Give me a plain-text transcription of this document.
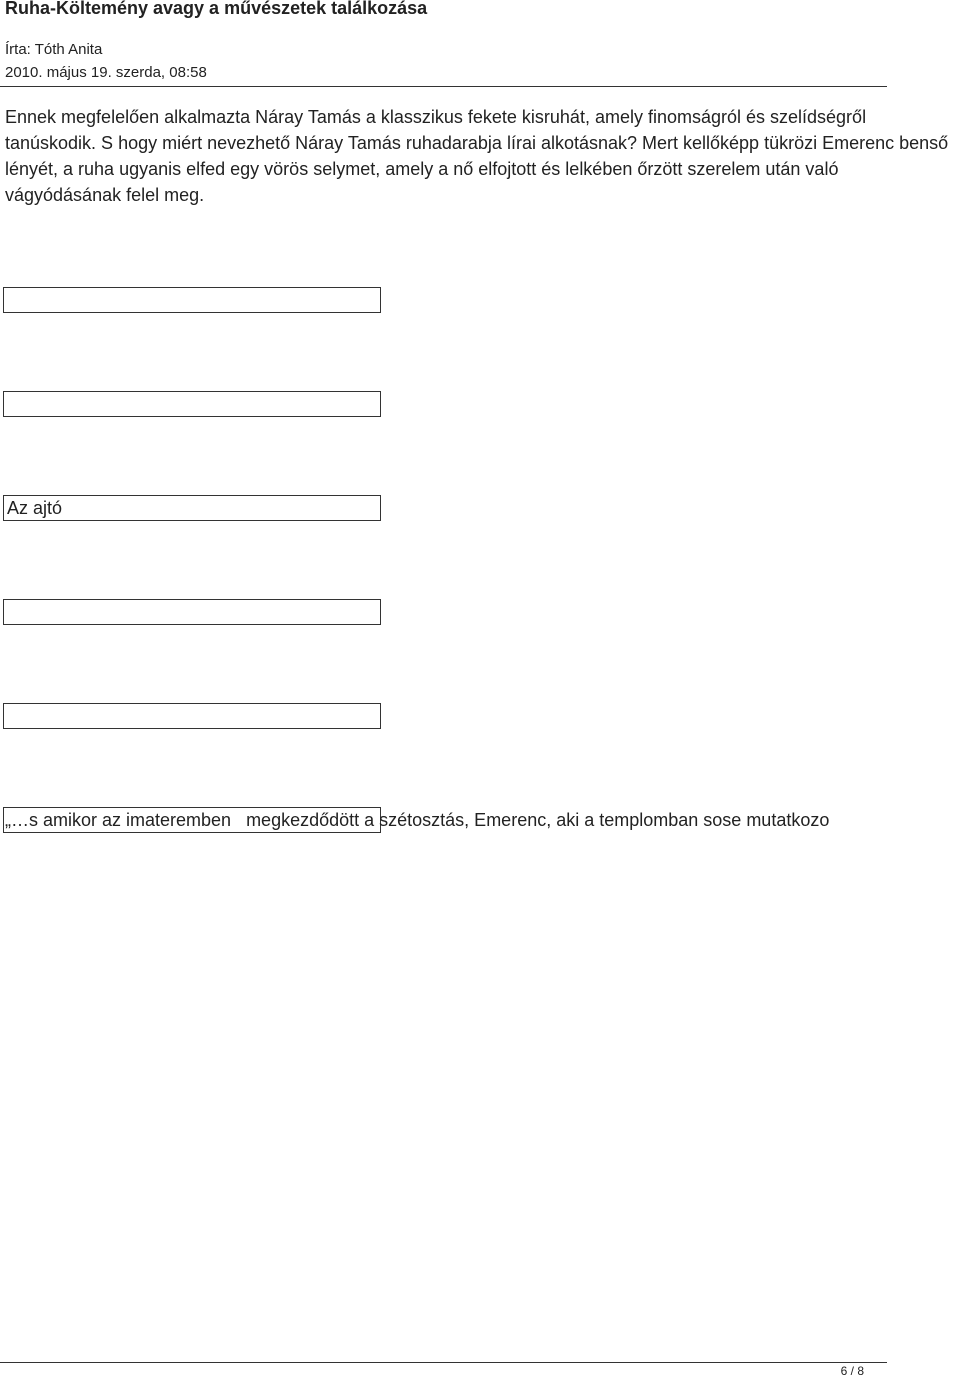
Ruha-Költemény avagy a művészetek találkozása
Írta: Tóth Anita
2010. május 19. szerda, 08:58

Ennek megfelelően alkalmazta Náray Tamás a klasszikus fekete kisruhát, amely finomságról és szelídségről tanúskodik. S hogy miért nevezhető Náray Tamás ruhadarabja lírai alkotásnak? Mert kellőképp tükrözi Emerenc benső lényét, a ruha ugyanis elfed egy vörös selymet, amely a nő elfojtott és lelkében őrzött szerelem után való vágyódásának felel meg.

Az ajtó
„…s amikor az imateremben   megkezdődött a szétosztás, Emerenc, aki a templomban sose mutatkozo
6 / 8
